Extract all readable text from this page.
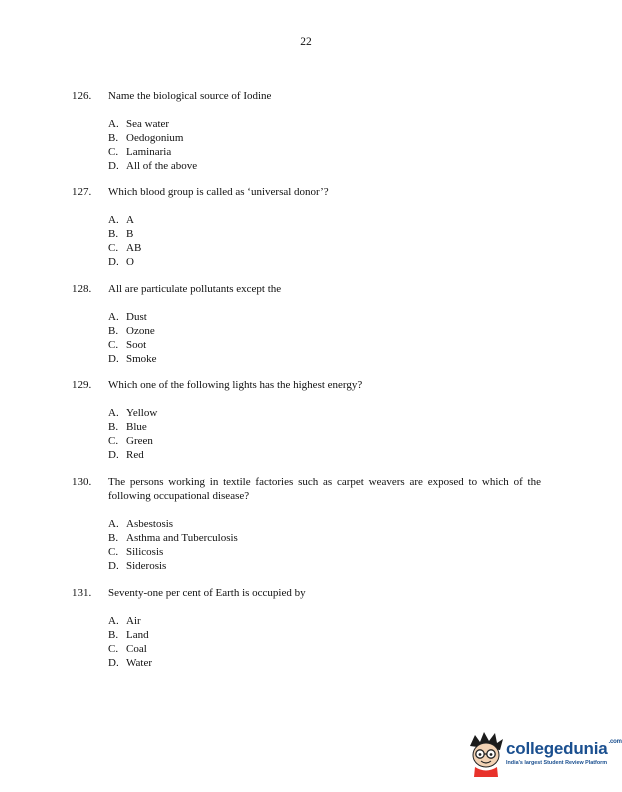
22
126. Name the biological source of Iodine
A. Sea water
B. Oedogonium
C. Laminaria
D. All of the above
127. Which blood group is called as ‘universal donor’?
A. A
B. B
C. AB
D. O
128. All are particulate pollutants except the
A. Dust
B. Ozone
C. Soot
D. Smoke
129. Which one of the following lights has the highest energy?
A. Yellow
B. Blue
C. Green
D. Red
130. The persons working in textile factories such as carpet weavers are exposed to which of the following occupational disease?
A. Asbestosis
B. Asthma and Tuberculosis
C. Silicosis
D. Siderosis
131. Seventy-one per cent of Earth is occupied by
A. Air
B. Land
C. Coal
D. Water
collegedunia$^{.com}$
India's largest Student Review Platform
